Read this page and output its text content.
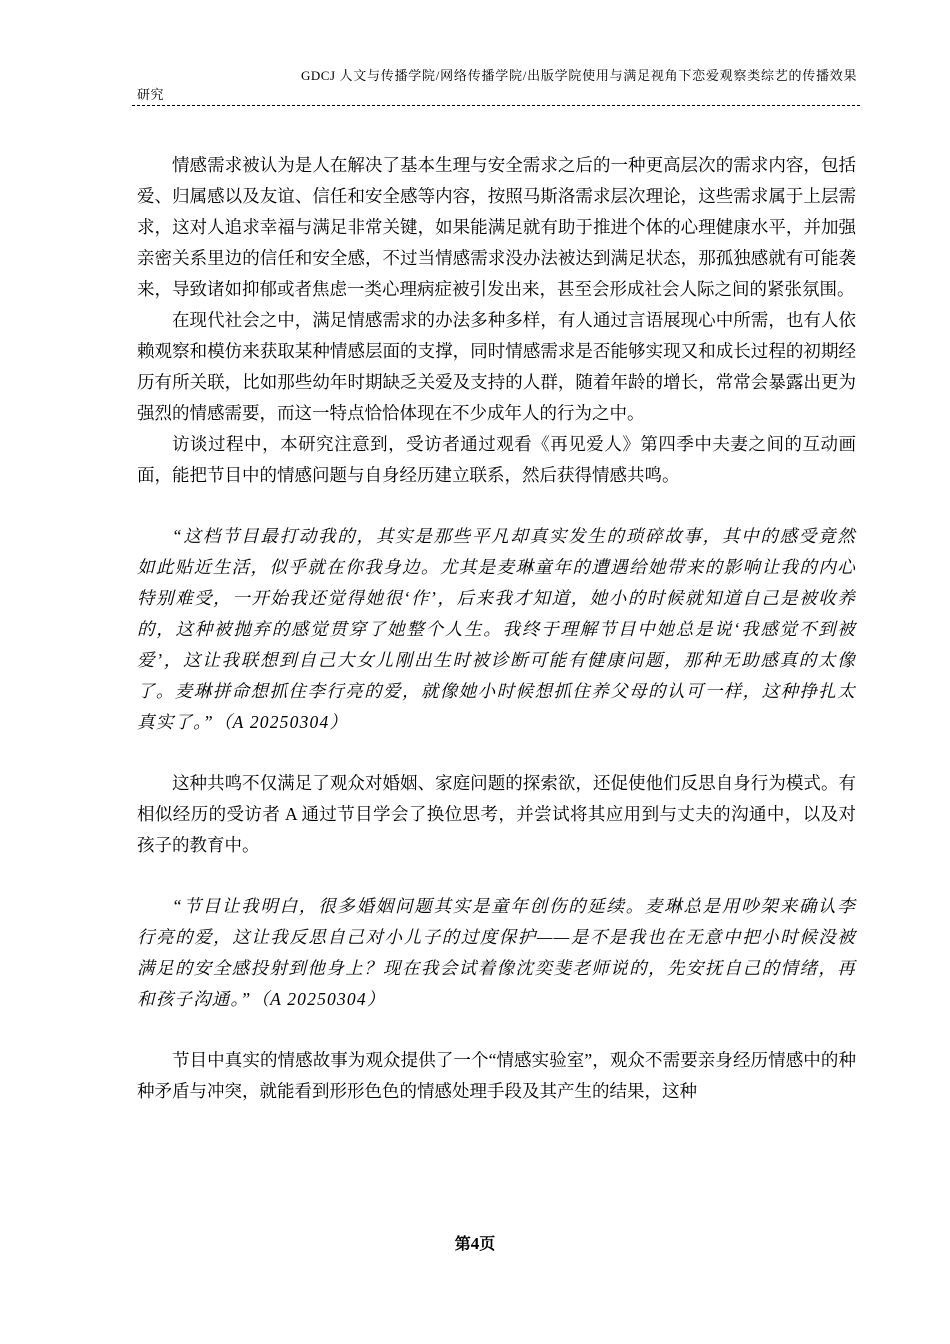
GDCJ 人文与传播学院/网络传播学院/出版学院使用与满足视角下恋爱观察类综艺的传播效果研究

情感需求被认为是人在解决了基本生理与安全需求之后的一种更高层次的需求内容，包括爱、归属感以及友谊、信任和安全感等内容，按照马斯洛需求层次理论，这些需求属于上层需求，这对人追求幸福与满足非常关键，如果能满足就有助于推进个体的心理健康水平，并加强亲密关系里边的信任和安全感，不过当情感需求没办法被达到满足状态，那孤独感就有可能袭来，导致诸如抑郁或者焦虑一类心理病症被引发出来，甚至会形成社会人际之间的紧张氛围。

在现代社会之中，满足情感需求的办法多种多样，有人通过言语展现心中所需，也有人依赖观察和模仿来获取某种情感层面的支撑，同时情感需求是否能够实现又和成长过程的初期经历有所关联，比如那些幼年时期缺乏关爱及支持的人群，随着年龄的增长，常常会暴露出更为强烈的情感需要，而这一特点恰恰体现在不少成年人的行为之中。

访谈过程中，本研究注意到，受访者通过观看《再见爱人》第四季中夫妻之间的互动画面，能把节目中的情感问题与自身经历建立联系，然后获得情感共鸣。

“这档节目最打动我的，其实是那些平凡却真实发生的琐碎故事，其中的感受竟然如此贴近生活，似乎就在你我身边。尤其是麦琳童年的遭遇给她带来的影响让我的内心特别难受，一开始我还觉得她很‘作’，后来我才知道，她小的时候就知道自己是被收养的，这种被抛弃的感觉贯穿了她整个人生。我终于理解节目中她总是说‘我感觉不到被爱’，这让我联想到自己大女儿刚出生时被诊断可能有健康问题，那种无助感真的太像了。麦琳拼命想抓住李行亮的爱，就像她小时候想抓住养父母的认可一样，这种挣扎太真实了。”（A 20250304）

这种共鸣不仅满足了观众对婚姻、家庭问题的探索欲，还促使他们反思自身行为模式。有相似经历的受访者 A 通过节目学会了换位思考，并尝试将其应用到与丈夫的沟通中，以及对孩子的教育中。

“节目让我明白，很多婚姻问题其实是童年创伤的延续。麦琳总是用吵架来确认李行亮的爱，这让我反思自己对小儿子的过度保护——是不是我也在无意中把小时候没被满足的安全感投射到他身上？现在我会试着像沈奕斐老师说的，先安抚自己的情绪，再和孩子沟通。”（A 20250304）

节目中真实的情感故事为观众提供了一个“情感实验室”，观众不需要亲身经历情感中的种种矛盾与冲突，就能看到形形色色的情感处理手段及其产生的结果，这种

第4页
